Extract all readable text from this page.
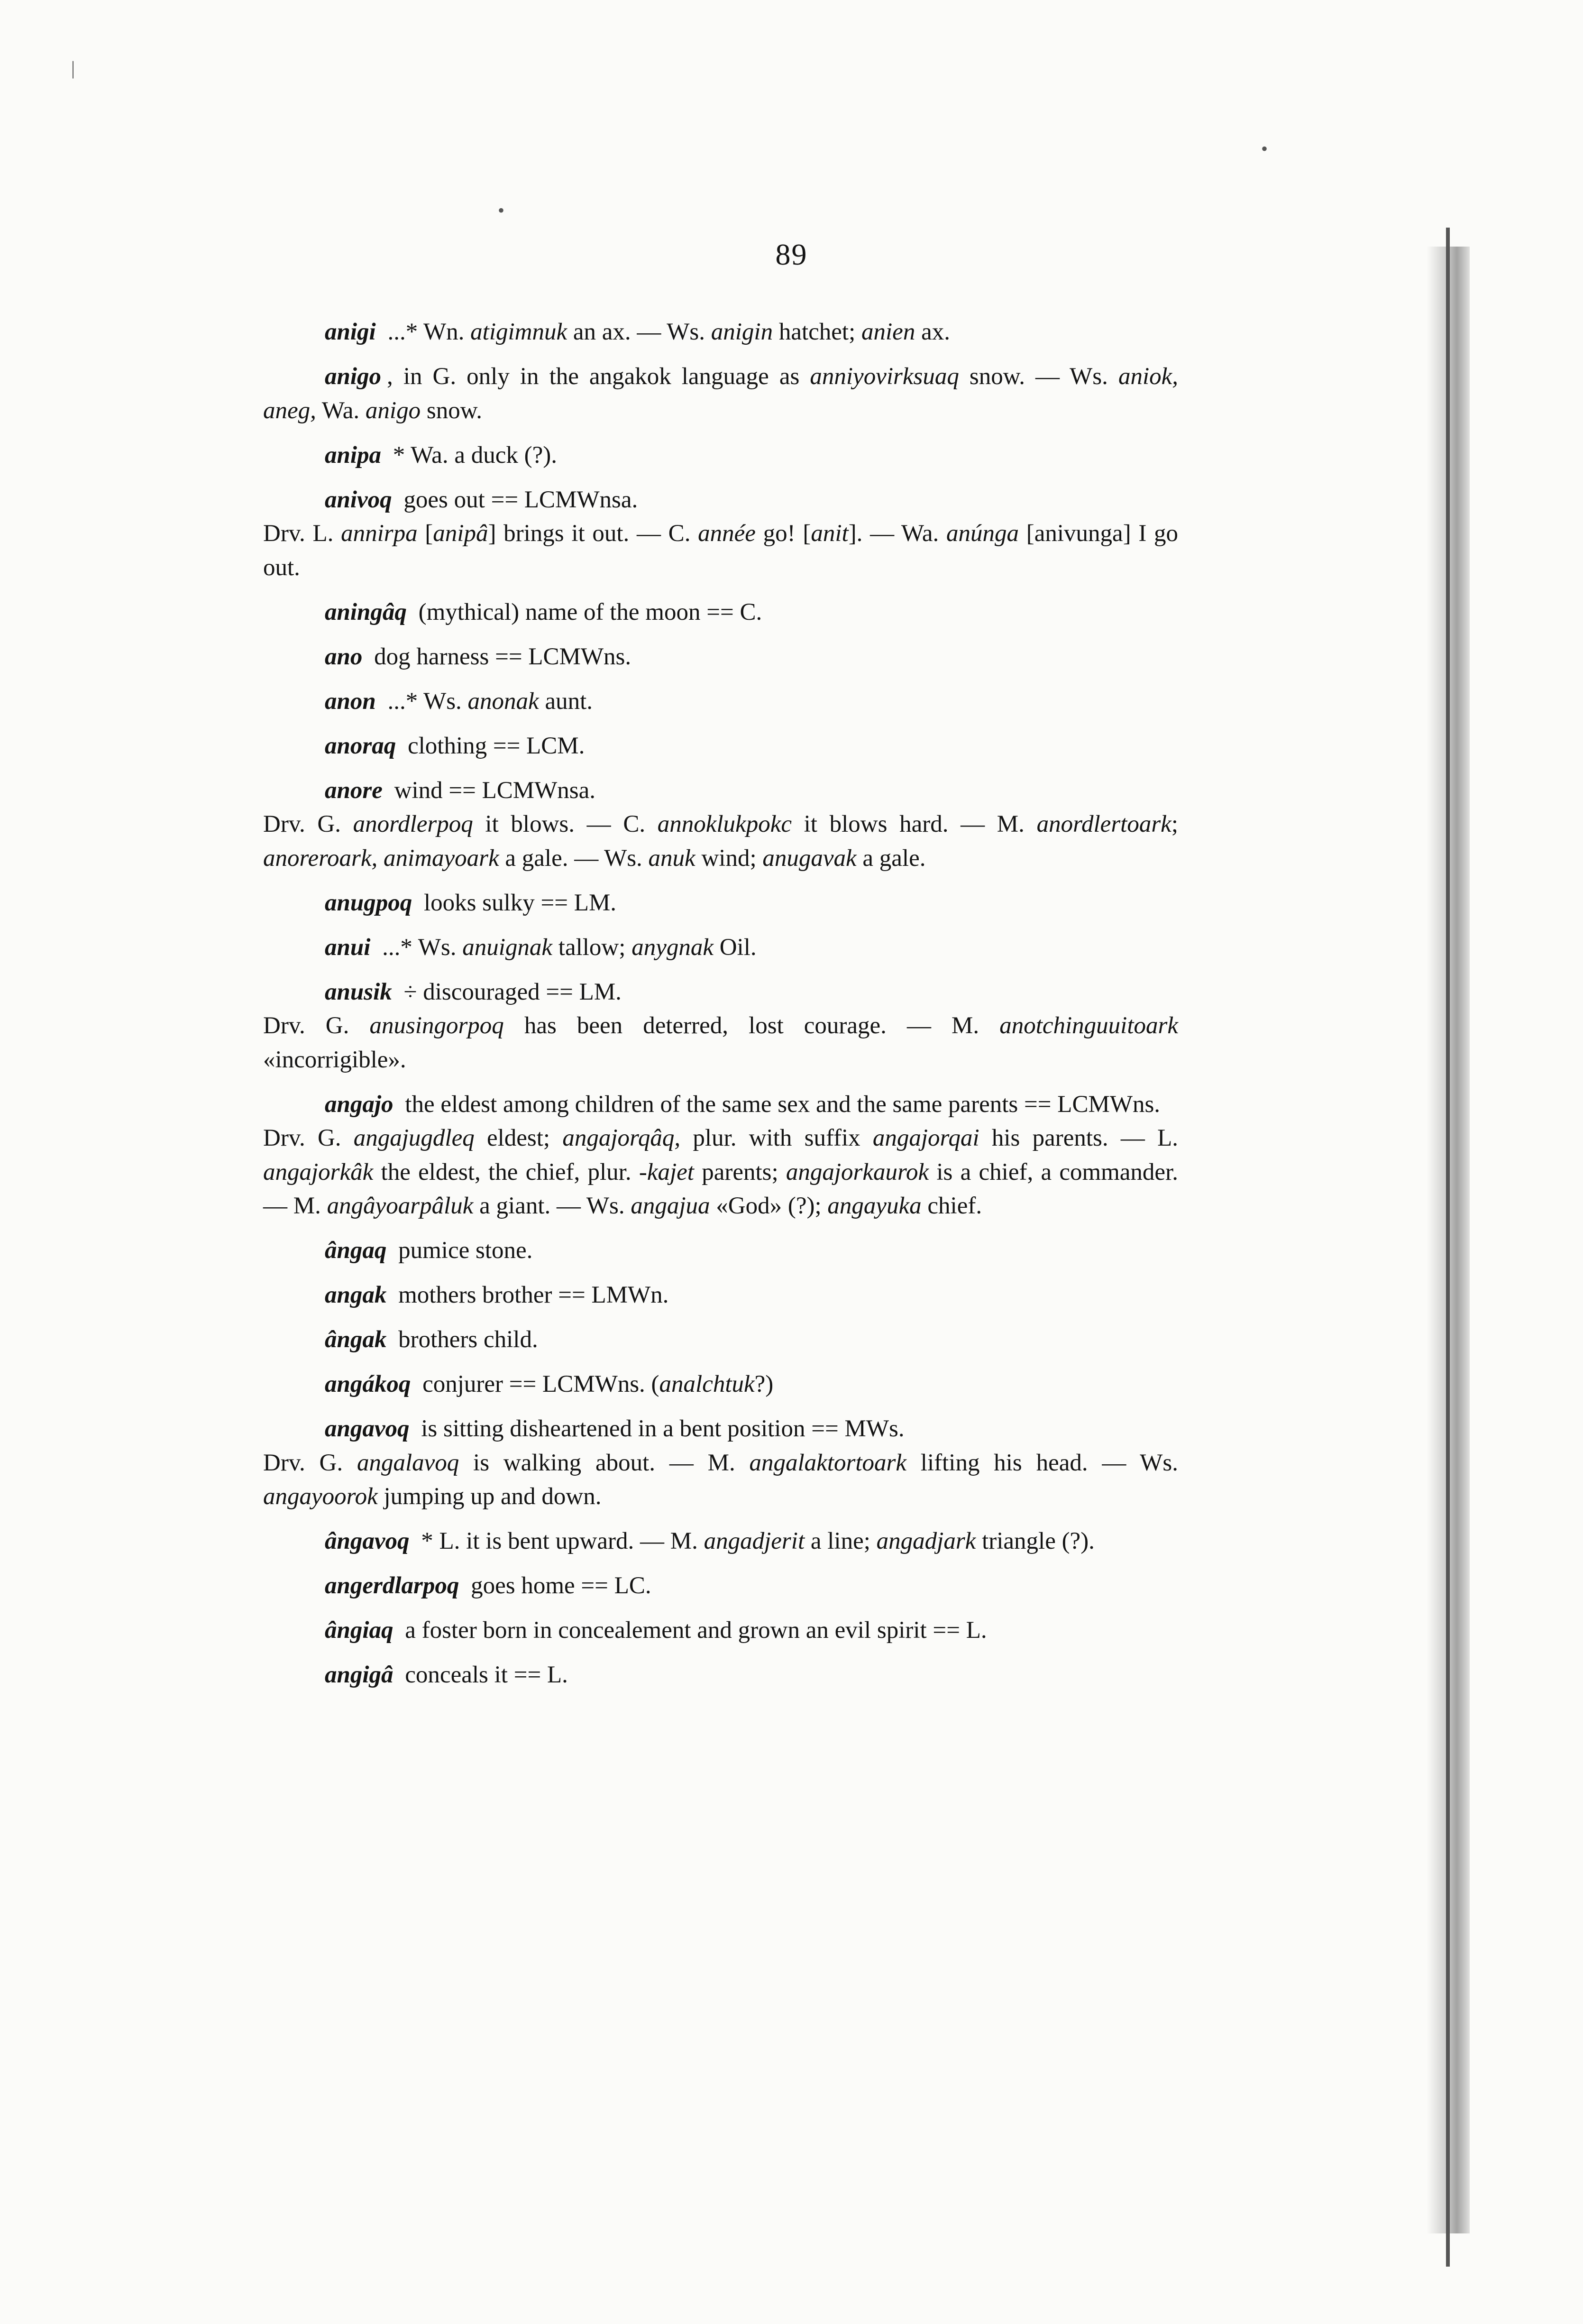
|
•
•
89

anigi ...* Wn. atigimnuk an ax. — Ws. anigin hatchet; anien ax.

anigo , in G. only in the angakok language as anniyovirksuaq snow. — Ws. aniok, aneg, Wa. anigo snow.

anipa * Wa. a duck (?).

anivoq goes out == LCMWnsa.
Drv. L. annirpa [anipâ] brings it out. — C. année go! [anit]. — Wa. anúnga [anivunga] I go out.

aningâq (mythical) name of the moon == C.

ano dog harness == LCMWns.

anon ...* Ws. anonak aunt.

anoraq clothing == LCM.

anore wind == LCMWnsa.
Drv. G. anordlerpoq it blows. — C. annoklukpokc it blows hard. — M. anordlertoark; anoreroark, animayoark a gale. — Ws. anuk wind; anugavak a gale.

anugpoq looks sulky == LM.

anui ...* Ws. anuignak tallow; anygnak Oil.

anusik ÷ discouraged == LM.
Drv. G. anusingorpoq has been deterred, lost courage. — M. anotchinguuitoark «incorrigible».

angajo the eldest among children of the same sex and the same parents == LCMWns.
Drv. G. angajugdleq eldest; angajorqâq, plur. with suffix angajorqai his parents. — L. angajorkâk the eldest, the chief, plur. -kajet parents; angajorkaurok is a chief, a commander. — M. angâyoarpâluk a giant. — Ws. angajua «God» (?); angayuka chief.

ângaq pumice stone.

angak mothers brother == LMWn.

ângak brothers child.

angákoq conjurer == LCMWns. (analchtuk?)

angavoq is sitting disheartened in a bent position == MWs.
Drv. G. angalavoq is walking about. — M. angalaktortoark lifting his head. — Ws. angayoorok jumping up and down.

ângavoq * L. it is bent upward. — M. angadjerit a line; angadjark triangle (?).

angerdlarpoq goes home == LC.

ângiaq a foster born in concealement and grown an evil spirit == L.

angigâ conceals it == L.
